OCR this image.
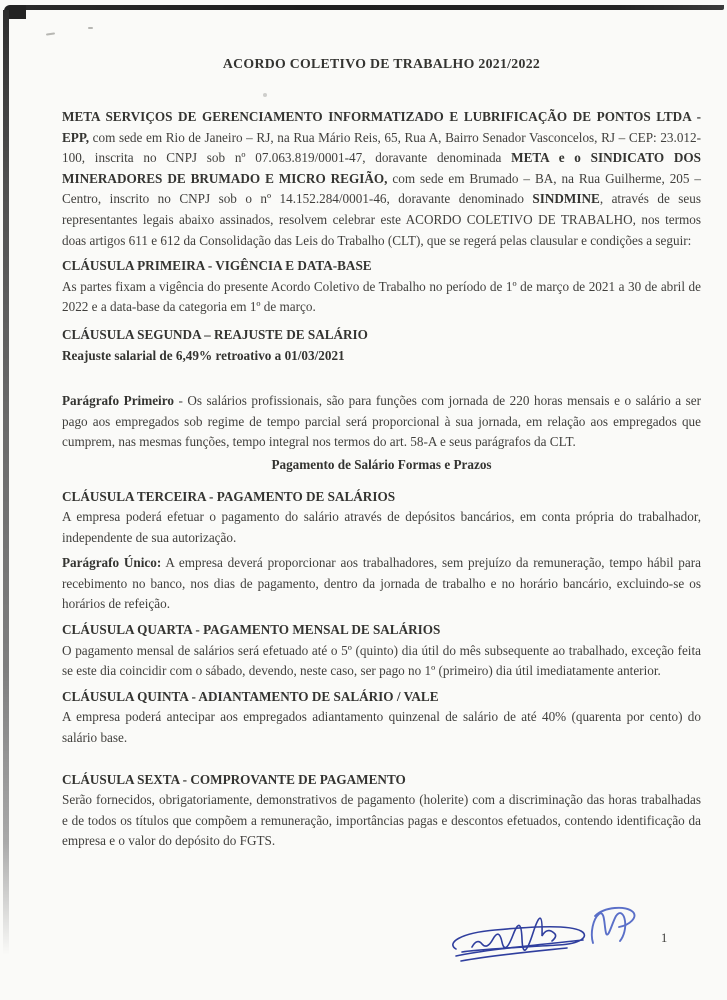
ACORDO COLETIVO DE TRABALHO 2021/2022

META SERVIÇOS DE GERENCIAMENTO INFORMATIZADO E LUBRIFICAÇÃO DE PONTOS LTDA - EPP, com sede em Rio de Janeiro – RJ, na Rua Mário Reis, 65, Rua A, Bairro Senador Vasconcelos, RJ – CEP: 23.012-100, inscrita no CNPJ sob nº 07.063.819/0001-47, doravante denominada META e o SINDICATO DOS MINERADORES DE BRUMADO E MICRO REGIÃO, com sede em Brumado – BA, na Rua Guilherme, 205 – Centro, inscrito no CNPJ sob o nº 14.152.284/0001-46, doravante denominado SINDMINE, através de seus representantes legais abaixo assinados, resolvem celebrar este ACORDO COLETIVO DE TRABALHO, nos termos doas artigos 611 e 612 da Consolidação das Leis do Trabalho (CLT), que se regerá pelas clausular e condições a seguir:

CLÁUSULA PRIMEIRA - VIGÊNCIA E DATA-BASE

As partes fixam a vigência do presente Acordo Coletivo de Trabalho no período de 1º de março de 2021 a 30 de abril de 2022 e a data-base da categoria em 1º de março.

CLÁUSULA SEGUNDA – REAJUSTE DE SALÁRIO

Reajuste salarial de 6,49% retroativo a 01/03/2021

Parágrafo Primeiro - Os salários profissionais, são para funções com jornada de 220 horas mensais e o salário a ser pago aos empregados sob regime de tempo parcial será proporcional à sua jornada, em relação aos empregados que cumprem, nas mesmas funções, tempo integral nos termos do art. 58-A e seus parágrafos da CLT.

Pagamento de Salário Formas e Prazos
CLÁUSULA TERCEIRA - PAGAMENTO DE SALÁRIOS

A empresa poderá efetuar o pagamento do salário através de depósitos bancários, em conta própria do trabalhador, independente de sua autorização.

Parágrafo Único: A empresa deverá proporcionar aos trabalhadores, sem prejuízo da remuneração, tempo hábil para recebimento no banco, nos dias de pagamento, dentro da jornada de trabalho e no horário bancário, excluindo-se os horários de refeição.

CLÁUSULA QUARTA - PAGAMENTO MENSAL DE SALÁRIOS

O pagamento mensal de salários será efetuado até o 5º (quinto) dia útil do mês subsequente ao trabalhado, exceção feita se este dia coincidir com o sábado, devendo, neste caso, ser pago no 1º (primeiro) dia útil imediatamente anterior.

CLÁUSULA QUINTA - ADIANTAMENTO DE SALÁRIO / VALE

A empresa poderá antecipar aos empregados adiantamento quinzenal de salário de até 40% (quarenta por cento) do salário base.

CLÁUSULA SEXTA - COMPROVANTE DE PAGAMENTO

Serão fornecidos, obrigatoriamente, demonstrativos de pagamento (holerite) com a discriminação das horas trabalhadas e de todos os títulos que compõem a remuneração, importâncias pagas e descontos efetuados, contendo identificação da empresa e o valor do depósito do FGTS.

1
